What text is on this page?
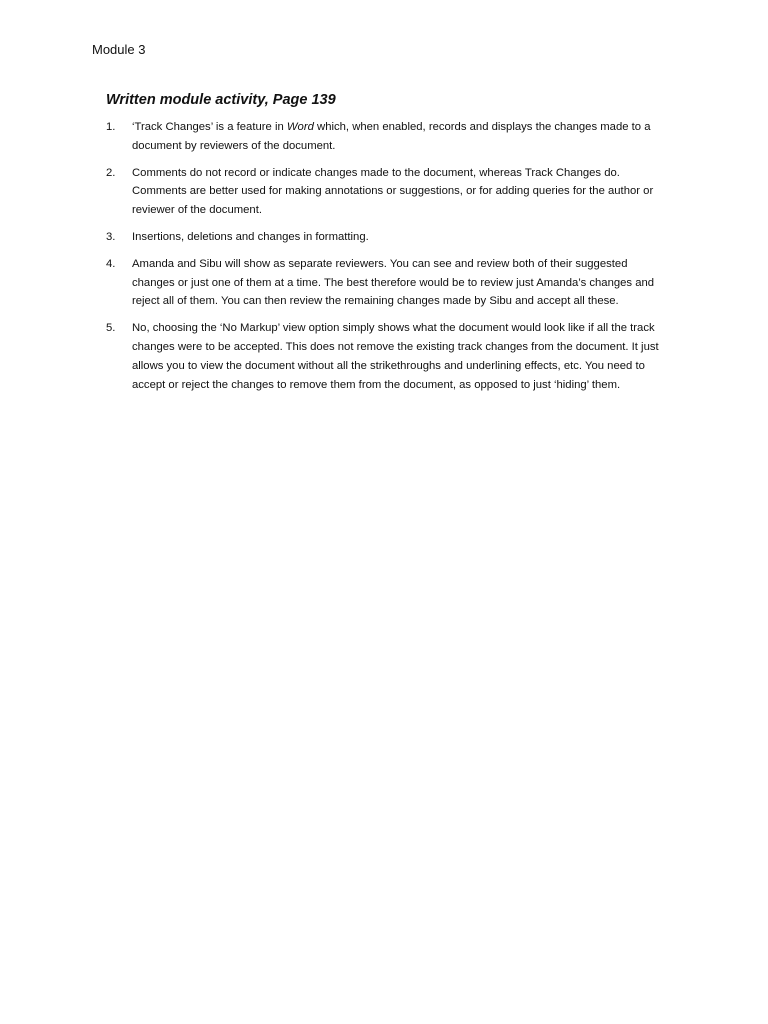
Module 3
Written module activity, Page 139
1. ‘Track Changes’ is a feature in Word which, when enabled, records and displays the changes made to a document by reviewers of the document.
2. Comments do not record or indicate changes made to the document, whereas Track Changes do. Comments are better used for making annotations or suggestions, or for adding queries for the author or reviewer of the document.
3. Insertions, deletions and changes in formatting.
4. Amanda and Sibu will show as separate reviewers. You can see and review both of their suggested changes or just one of them at a time. The best therefore would be to review just Amanda’s changes and reject all of them. You can then review the remaining changes made by Sibu and accept all these.
5. No, choosing the ‘No Markup’ view option simply shows what the document would look like if all the track changes were to be accepted. This does not remove the existing track changes from the document. It just allows you to view the document without all the strikethroughs and underlining effects, etc. You need to accept or reject the changes to remove them from the document, as opposed to just ‘hiding’ them.
